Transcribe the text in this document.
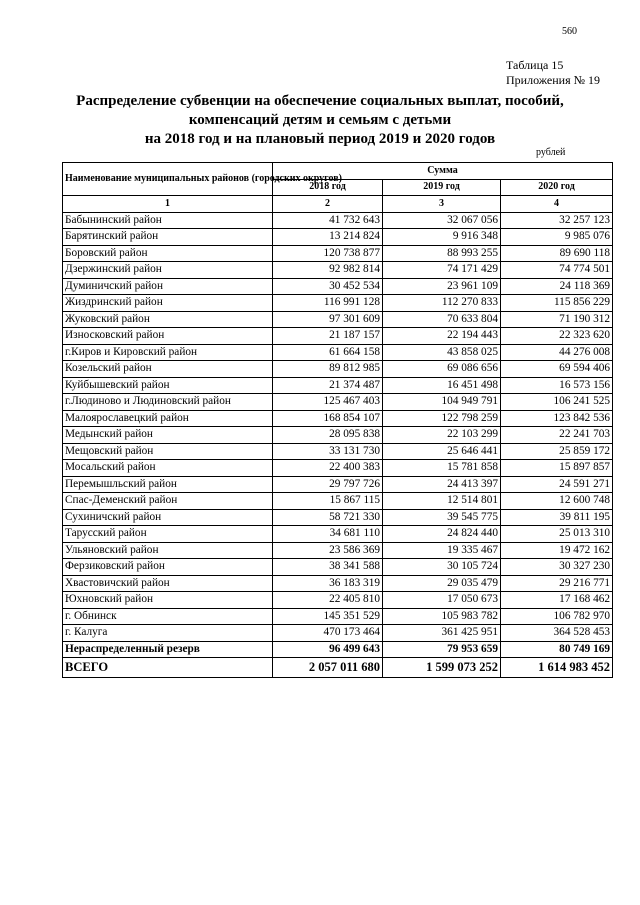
560
Таблица 15
Приложения № 19
Распределение субвенции на обеспечение социальных выплат, пособий,
компенсаций детям и семьям с детьми
на 2018 год и на плановый период 2019 и 2020 годов
рублей
Наименование муниципальных районов (городских округов)	Сумма		
	2018 год	2019 год	2020 год
1	2	3	4
Бабынинский район	41 732 643	32 067 056	32 257 123
Барятинский район	13 214 824	9 916 348	9 985 076
Боровский район	120 738 877	88 993 255	89 690 118
Дзержинский район	92 982 814	74 171 429	74 774 501
Думиничский район	30 452 534	23 961 109	24 118 369
Жиздринский район	116 991 128	112 270 833	115 856 229
Жуковский район	97 301 609	70 633 804	71 190 312
Износковский район	21 187 157	22 194 443	22 323 620
г.Киров и Кировский район	61 664 158	43 858 025	44 276 008
Козельский район	89 812 985	69 086 656	69 594 406
Куйбышевский район	21 374 487	16 451 498	16 573 156
г.Людиново и Людиновский район	125 467 403	104 949 791	106 241 525
Малоярославецкий район	168 854 107	122 798 259	123 842 536
Медынский район	28 095 838	22 103 299	22 241 703
Мещовский район	33 131 730	25 646 441	25 859 172
Мосальский район	22 400 383	15 781 858	15 897 857
Перемышльский район	29 797 726	24 413 397	24 591 271
Спас-Деменский район	15 867 115	12 514 801	12 600 748
Сухиничский район	58 721 330	39 545 775	39 811 195
Тарусский район	34 681 110	24 824 440	25 013 310
Ульяновский район	23 586 369	19 335 467	19 472 162
Ферзиковский район	38 341 588	30 105 724	30 327 230
Хвастовичский район	36 183 319	29 035 479	29 216 771
Юхновский район	22 405 810	17 050 673	17 168 462
г. Обнинск	145 351 529	105 983 782	106 782 970
г. Калуга	470 173 464	361 425 951	364 528 453
Нераспределенный резерв	96 499 643	79 953 659	80 749 169
ВСЕГО	2 057 011 680	1 599 073 252	1 614 983 452
